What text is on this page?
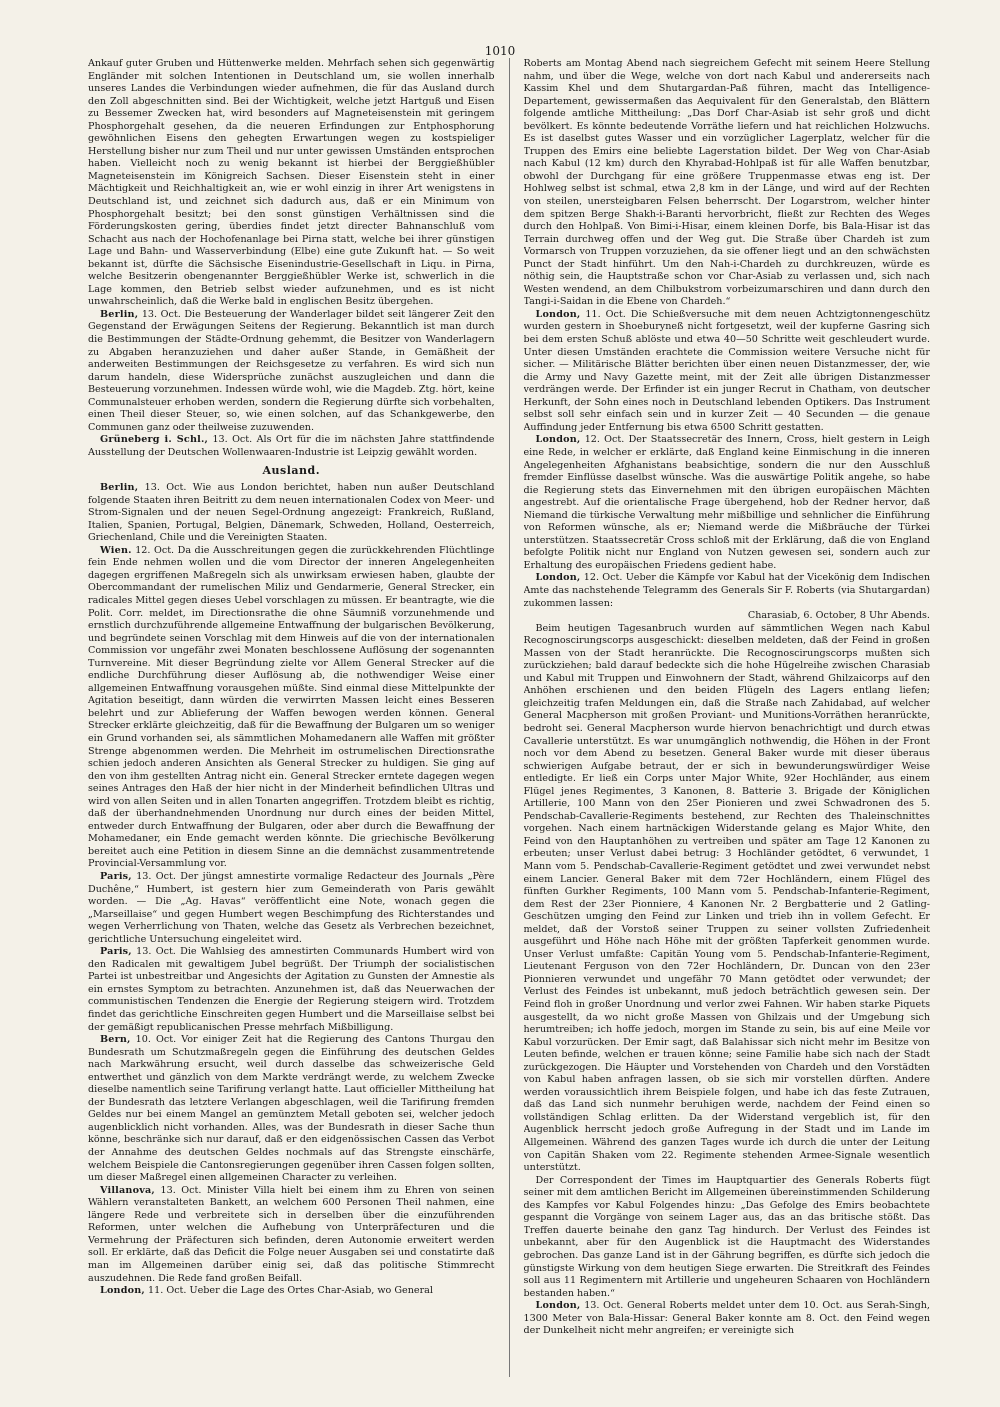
1010

Ankauf guter Gruben und Hüttenwerke melden. Mehrfach sehen sich gegenwärtig Engländer mit solchen Intentionen in Deutschland um, sie wollen innerhalb unseres Landes die Verbindungen wieder aufnehmen, die für das Ausland durch den Zoll abgeschnitten sind. Bei der Wichtigkeit, welche jetzt Hartguß und Eisen zu Bessemer Zwecken hat, wird besonders auf Magneteisenstein mit geringem Phosphorgehalt gesehen, da die neueren Erfindungen zur Entphosphorung gewöhnlichen Eisens den gehegten Erwartungen wegen zu kostspieliger Herstellung bisher nur zum Theil und nur unter gewissen Umständen entsprochen haben. Vielleicht noch zu wenig bekannt ist hierbei der Berggießhübler Magneteisenstein im Königreich Sachsen. Dieser Eisenstein steht in einer Mächtigkeit und Reichhaltigkeit an, wie er wohl einzig in ihrer Art wenigstens in Deutschland ist, und zeichnet sich dadurch aus, daß er ein Minimum von Phosphorgehalt besitzt; bei den sonst günstigen Verhältnissen sind die Förderungskosten gering, überdies findet jetzt directer Bahnanschluß vom Schacht aus nach der Hochofenanlage bei Pirna statt, welche bei ihrer günstigen Lage und Bahn- und Wasserverbindung (Elbe) eine gute Zukunft hat. — So weit bekannt ist, dürfte die Sächsische Eisenindustrie-Gesellschaft in Liqu. in Pirna, welche Besitzerin obengenannter Berggießhübler Werke ist, schwerlich in die Lage kommen, den Betrieb selbst wieder aufzunehmen, und es ist nicht unwahrscheinlich, daß die Werke bald in englischen Besitz übergehen.

Berlin, 13. Oct. Die Besteuerung der Wanderlager bildet seit längerer Zeit den Gegenstand der Erwägungen Seitens der Regierung. Bekanntlich ist man durch die Bestimmungen der Städte-Ordnung gehemmt, die Besitzer von Wanderlagern zu Abgaben heranzuziehen und daher außer Stande, in Gemäßheit der anderweiten Bestimmungen der Reichsgesetze zu verfahren. Es wird sich nun darum handeln, diese Widersprüche zunächst auszugleichen und dann die Besteuerung vorzunehmen. Indessen würde wohl, wie die Magdeb. Ztg. hört, keine Communalsteuer erhoben werden, sondern die Regierung dürfte sich vorbehalten, einen Theil dieser Steuer, so, wie einen solchen, auf das Schankgewerbe, den Communen ganz oder theilweise zuzuwenden.

Grüneberg i. Schl., 13. Oct. Als Ort für die im nächsten Jahre stattfindende Ausstellung der Deutschen Wollenwaaren-Industrie ist Leipzig gewählt worden.

Ausland.

Berlin, 13. Oct. Wie aus London berichtet, haben nun außer Deutschland folgende Staaten ihren Beitritt zu dem neuen internationalen Codex von Meer- und Strom-Signalen und der neuen Segel-Ordnung angezeigt: Frankreich, Rußland, Italien, Spanien, Portugal, Belgien, Dänemark, Schweden, Holland, Oesterreich, Griechenland, Chile und die Vereinigten Staaten.

Wien. 12. Oct. Da die Ausschreitungen gegen die zurückkehrenden Flüchtlinge fein Ende nehmen wollen und die vom Director der inneren Angelegenheiten dagegen ergriffenen Maßregeln sich als unwirksam erwiesen haben, glaubte der Obercommandant der rumelischen Miliz und Gendarmerie, General Strecker, ein radicales Mittel gegen dieses Uebel vorschlagen zu müssen. Er beantragte, wie die Polit. Corr. meldet, im Directionsrathe die ohne Säumniß vorzunehmende und ernstlich durchzuführende allgemeine Entwaffnung der bulgarischen Bevölkerung, und begründete seinen Vorschlag mit dem Hinweis auf die von der internationalen Commission vor ungefähr zwei Monaten beschlossene Auflösung der sogenannten Turnvereine. Mit dieser Begründung zielte vor Allem General Strecker auf die endliche Durchführung dieser Auflösung ab, die nothwendiger Weise einer allgemeinen Entwaffnung vorausgehen müßte. Sind einmal diese Mittelpunkte der Agitation beseitigt, dann würden die verwirrten Massen leicht eines Besseren belehrt und zur Ablieferung der Waffen bewogen werden können. General Strecker erklärte gleichzeitig, daß für die Bewaffnung der Bulgaren um so weniger ein Grund vorhanden sei, als sämmtlichen Mohamedanern alle Waffen mit größter Strenge abgenommen werden. Die Mehrheit im ostrumelischen Directionsrathe schien jedoch anderen Ansichten als General Strecker zu huldigen. Sie ging auf den von ihm gestellten Antrag nicht ein. General Strecker erntete dagegen wegen seines Antrages den Haß der hier nicht in der Minderheit befindlichen Ultras und wird von allen Seiten und in allen Tonarten angegriffen. Trotzdem bleibt es richtig, daß der überhandnehmenden Unordnung nur durch eines der beiden Mittel, entweder durch Entwaffnung der Bulgaren, oder aber durch die Bewaffnung der Mohamedaner, ein Ende gemacht werden könnte. Die griechische Bevölkerung bereitet auch eine Petition in diesem Sinne an die demnächst zusammentretende Provincial-Versammlung vor.

Paris, 13. Oct. Der jüngst amnestirte vormalige Redacteur des Journals „Père Duchêne,“ Humbert, ist gestern hier zum Gemeinderath von Paris gewählt worden. — Die „Ag. Havas“ veröffentlicht eine Note, wonach gegen die „Marseillaise“ und gegen Humbert wegen Beschimpfung des Richterstandes und wegen Verherrlichung von Thaten, welche das Gesetz als Verbrechen bezeichnet, gerichtliche Untersuchung eingeleitet wird.

Paris, 13. Oct. Die Wahlsieg des amnestirten Communards Humbert wird von den Radicalen mit gewaltigem Jubel begrüßt. Der Triumph der socialistischen Partei ist unbestreitbar und Angesichts der Agitation zu Gunsten der Amnestie als ein ernstes Symptom zu betrachten. Anzunehmen ist, daß das Neuerwachen der communistischen Tendenzen die Energie der Regierung steigern wird. Trotzdem findet das gerichtliche Einschreiten gegen Humbert und die Marseillaise selbst bei der gemäßigt republicanischen Presse mehrfach Mißbilligung.

Bern, 10. Oct. Vor einiger Zeit hat die Regierung des Cantons Thurgau den Bundesrath um Schutzmaßregeln gegen die Einführung des deutschen Geldes nach Markwährung ersucht, weil durch dasselbe das schweizerische Geld entwerthet und gänzlich von dem Markte verdrängt werde, zu welchem Zwecke dieselbe namentlich seine Tarifirung verlangt hatte. Laut officieller Mittheilung hat der Bundesrath das letztere Verlangen abgeschlagen, weil die Tarifirung fremden Geldes nur bei einem Mangel an gemünztem Metall geboten sei, welcher jedoch augenblicklich nicht vorhanden. Alles, was der Bundesrath in dieser Sache thun könne, beschränke sich nur darauf, daß er den eidgenössischen Cassen das Verbot der Annahme des deutschen Geldes nochmals auf das Strengste einschärfe, welchem Beispiele die Cantonsregierungen gegenüber ihren Cassen folgen sollten, um dieser Maßregel einen allgemeinen Character zu verleihen.

Villanova, 13. Oct. Minister Villa hielt bei einem ihm zu Ehren von seinen Wählern veranstalteten Bankett, an welchem 600 Personen Theil nahmen, eine längere Rede und verbreitete sich in derselben über die einzuführenden Reformen, unter welchen die Aufhebung von Unterpräfecturen und die Vermehrung der Präfecturen sich befinden, deren Autonomie erweitert werden soll. Er erklärte, daß das Deficit die Folge neuer Ausgaben sei und constatirte daß man im Allgemeinen darüber einig sei, daß das politische Stimmrecht auszudehnen. Die Rede fand großen Beifall.

London, 11. Oct. Ueber die Lage des Ortes Char-Asiab, wo General

Roberts am Montag Abend nach siegreichem Gefecht mit seinem Heere Stellung nahm, und über die Wege, welche von dort nach Kabul und andererseits nach Kassim Khel und dem Shutargardan-Paß führen, macht das Intelligence-Departement, gewissermaßen das Aequivalent für den Generalstab, den Blättern folgende amtliche Mittheilung: „Das Dorf Char-Asiab ist sehr groß und dicht bevölkert. Es könnte bedeutende Vorräthe liefern und hat reichlichen Holzwuchs. Es ist daselbst gutes Wasser und ein vorzüglicher Lagerplatz, welcher für die Truppen des Emirs eine beliebte Lagerstation bildet. Der Weg von Char-Asiab nach Kabul (12 km) durch den Khyrabad-Hohlpaß ist für alle Waffen benutzbar, obwohl der Durchgang für eine größere Truppenmasse etwas eng ist. Der Hohlweg selbst ist schmal, etwa 2,8 km in der Länge, und wird auf der Rechten von steilen, unersteigbaren Felsen beherrscht. Der Logarstrom, welcher hinter dem spitzen Berge Shakh-i-Baranti hervorbricht, fließt zur Rechten des Weges durch den Hohlpaß. Von Bimi-i-Hisar, einem kleinen Dorfe, bis Bala-Hisar ist das Terrain durchweg offen und der Weg gut. Die Straße über Chardeh ist zum Vormarsch von Truppen vorzuziehen, da sie offener liegt und an den schwächsten Punct der Stadt hinführt. Um den Nah-i-Chardeh zu durchkreuzen, würde es nöthig sein, die Hauptstraße schon vor Char-Asiab zu verlassen und, sich nach Westen wendend, an dem Chilbukstrom vorbeizumarschiren und dann durch den Tangi-i-Saidan in die Ebene von Chardeh.“

London, 11. Oct. Die Schießversuche mit dem neuen Achtzigtonnengeschütz wurden gestern in Shoeburyneß nicht fortgesetzt, weil der kupferne Gasring sich bei dem ersten Schuß ablöste und etwa 40—50 Schritte weit geschleudert wurde. Unter diesen Umständen erachtete die Commission weitere Versuche nicht für sicher. — Militärische Blätter berichten über einen neuen Distanzmesser, der, wie die Army und Navy Gazette meint, mit der Zeit alle übrigen Distanzmesser verdrängen werde. Der Erfinder ist ein junger Recrut in Chatham, von deutscher Herkunft, der Sohn eines noch in Deutschland lebenden Optikers. Das Instrument selbst soll sehr einfach sein und in kurzer Zeit — 40 Secunden — die genaue Auffindung jeder Entfernung bis etwa 6500 Schritt gestatten.

London, 12. Oct. Der Staatssecretär des Innern, Cross, hielt gestern in Leigh eine Rede, in welcher er erklärte, daß England keine Einmischung in die inneren Angelegenheiten Afghanistans beabsichtige, sondern die nur den Ausschluß fremder Einflüsse daselbst wünsche. Was die auswärtige Politik angehe, so habe die Regierung stets das Einvernehmen mit den übrigen europäischen Mächten angestrebt. Auf die orientalische Frage übergehend, hob der Redner hervor, daß Niemand die türkische Verwaltung mehr mißbillige und sehnlicher die Einführung von Reformen wünsche, als er; Niemand werde die Mißbräuche der Türkei unterstützen. Staatssecretär Cross schloß mit der Erklärung, daß die von England befolgte Politik nicht nur England von Nutzen gewesen sei, sondern auch zur Erhaltung des europäischen Friedens gedient habe.

London, 12. Oct. Ueber die Kämpfe vor Kabul hat der Vicekönig dem Indischen Amte das nachstehende Telegramm des Generals Sir F. Roberts (via Shutargardan) zukommen lassen:

Charasiab, 6. October, 8 Uhr Abends.

Beim heutigen Tagesanbruch wurden auf sämmtlichen Wegen nach Kabul Recognoscirungscorps ausgeschickt: dieselben meldeten, daß der Feind in großen Massen von der Stadt heranrückte. Die Recognoscirungscorps mußten sich zurückziehen; bald darauf bedeckte sich die hohe Hügelreihe zwischen Charasiab und Kabul mit Truppen und Einwohnern der Stadt, während Ghilzaicorps auf den Anhöhen erschienen und den beiden Flügeln des Lagers entlang liefen; gleichzeitig trafen Meldungen ein, daß die Straße nach Zahidabad, auf welcher General Macpherson mit großen Proviant- und Munitions-Vorräthen heranrückte, bedroht sei. General Macpherson wurde hiervon benachrichtigt und durch etwas Cavallerie unterstützt. Es war unumgänglich nothwendig, die Höhen in der Front noch vor dem Abend zu besetzen. General Baker wurde mit dieser überaus schwierigen Aufgabe betraut, der er sich in bewunderungswürdiger Weise entledigte. Er ließ ein Corps unter Major White, 92er Hochländer, aus einem Flügel jenes Regimentes, 3 Kanonen, 8. Batterie 3. Brigade der Königlichen Artillerie, 100 Mann von den 25er Pionieren und zwei Schwadronen des 5. Pendschab-Cavallerie-Regiments bestehend, zur Rechten des Thaleinschnittes vorgehen. Nach einem hartnäckigen Widerstande gelang es Major White, den Feind von den Hauptanhöhen zu vertreiben und später am Tage 12 Kanonen zu erbeuten; unser Verlust dabei betrug: 3 Hochländer getödtet, 6 verwundet, 1 Mann vom 5. Pendschab-Cavallerie-Regiment getödtet und zwei verwundet nebst einem Lancier. General Baker mit dem 72er Hochländern, einem Flügel des fünften Gurkher Regiments, 100 Mann vom 5. Pendschab-Infanterie-Regiment, dem Rest der 23er Pionniere, 4 Kanonen Nr. 2 Bergbatterie und 2 Gatling-Geschützen umging den Feind zur Linken und trieb ihn in vollem Gefecht. Er meldet, daß der Vorstoß seiner Truppen zu seiner vollsten Zufriedenheit ausgeführt und Höhe nach Höhe mit der größten Tapferkeit genommen wurde. Unser Verlust umfaßte: Capitän Young vom 5. Pendschab-Infanterie-Regiment, Lieutenant Ferguson von den 72er Hochländern, Dr. Duncan von den 23er Pionnieren verwundet und ungefähr 70 Mann getödtet oder verwundet; der Verlust des Feindes ist unbekannt, muß jedoch beträchtlich gewesen sein. Der Feind floh in großer Unordnung und verlor zwei Fahnen. Wir haben starke Piquets ausgestellt, da wo nicht große Massen von Ghilzais und der Umgebung sich herumtreiben; ich hoffe jedoch, morgen im Stande zu sein, bis auf eine Meile vor Kabul vorzurücken. Der Emir sagt, daß Balahissar sich nicht mehr im Besitze von Leuten befinde, welchen er trauen könne; seine Familie habe sich nach der Stadt zurückgezogen. Die Häupter und Vorstehenden von Chardeh und den Vorstädten von Kabul haben anfragen lassen, ob sie sich mir vorstellen dürften. Andere werden voraussichtlich ihrem Beispiele folgen, und habe ich das feste Zutrauen, daß das Land sich nunmehr beruhigen werde, nachdem der Feind einen so vollständigen Schlag erlitten. Da der Widerstand vergeblich ist, für den Augenblick herrscht jedoch große Aufregung in der Stadt und im Lande im Allgemeinen. Während des ganzen Tages wurde ich durch die unter der Leitung von Capitän Shaken vom 22. Regimente stehenden Armee-Signale wesentlich unterstützt.

Der Correspondent der Times im Hauptquartier des Generals Roberts fügt seiner mit dem amtlichen Bericht im Allgemeinen übereinstimmenden Schilderung des Kampfes vor Kabul Folgendes hinzu: „Das Gefolge des Emirs beobachtete gespannt die Vorgänge von seinem Lager aus, das an das britische stößt. Das Treffen dauerte beinahe den ganz Tag hindurch. Der Verlust des Feindes ist unbekannt, aber für den Augenblick ist die Hauptmacht des Widerstandes gebrochen. Das ganze Land ist in der Gährung begriffen, es dürfte sich jedoch die günstigste Wirkung von dem heutigen Siege erwarten. Die Streitkraft des Feindes soll aus 11 Regimentern mit Artillerie und ungeheuren Schaaren von Hochländern bestanden haben.“

London, 13. Oct. General Roberts meldet unter dem 10. Oct. aus Serah-Singh, 1300 Meter von Bala-Hissar: General Baker konnte am 8. Oct. den Feind wegen der Dunkelheit nicht mehr angreifen; er vereinigte sich
